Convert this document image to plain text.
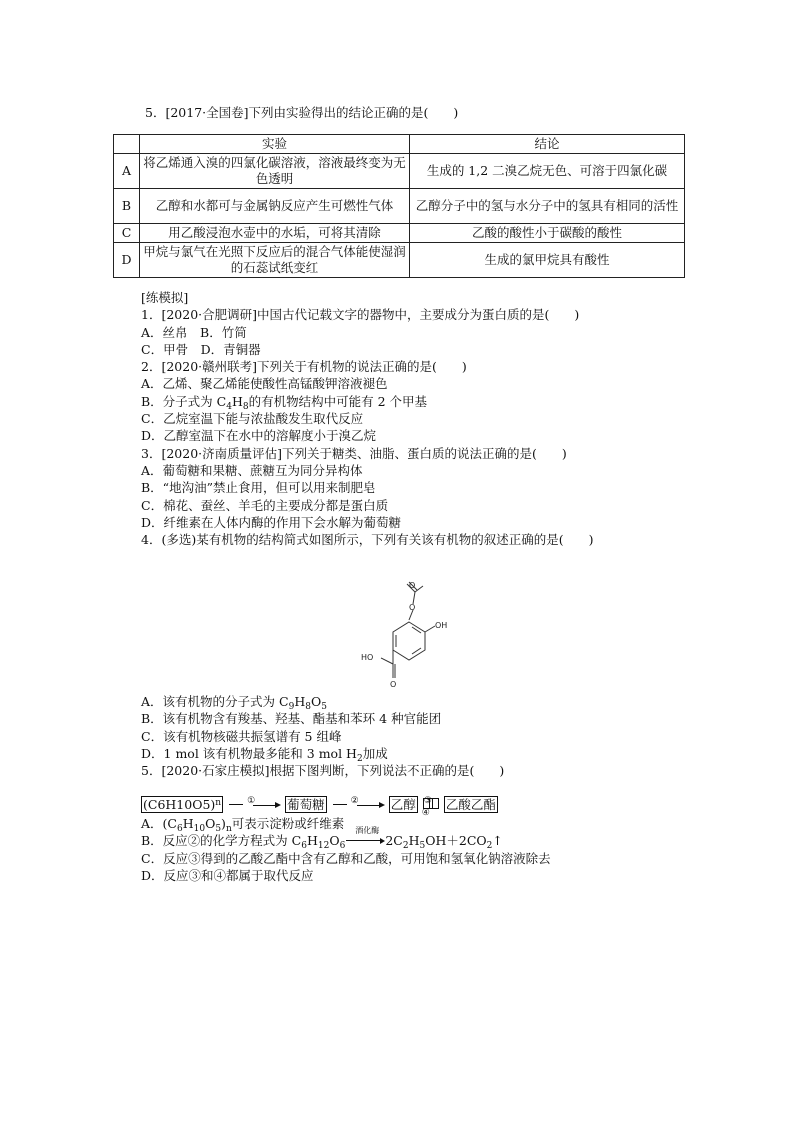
5．[2017·全国卷]下列由实验得出的结论正确的是(　　)
	实验	结论
A	将乙烯通入溴的四氯化碳溶液，溶液最终变为无色透明	生成的 1,2 二溴乙烷无色、可溶于四氯化碳
B	乙醇和水都可与金属钠反应产生可燃性气体	乙醇分子中的氢与水分子中的氢具有相同的活性
C	用乙酸浸泡水壶中的水垢，可将其清除	乙酸的酸性小于碳酸的酸性
D	甲烷与氯气在光照下反应后的混合气体能使湿润的石蕊试纸变红	生成的氯甲烷具有酸性
[练模拟]
1．[2020·合肥调研]中国古代记载文字的器物中，主要成分为蛋白质的是(　　)
A．丝帛　B．竹简
C．甲骨　D．青铜器
2．[2020·赣州联考]下列关于有机物的说法正确的是(　　)
A．乙烯、聚乙烯能使酸性高锰酸钾溶液褪色
B．分子式为 $C_4H_8$的有机物结构中可能有 2 个甲基
C．乙烷室温下能与浓盐酸发生取代反应
D．乙醇室温下在水中的溶解度小于溴乙烷
3．[2020·济南质量评估]下列关于糖类、油脂、蛋白质的说法正确的是(　　)
A．葡萄糖和果糖、蔗糖互为同分异构体
B．“地沟油”禁止食用，但可以用来制肥皂
C．棉花、蚕丝、羊毛的主要成分都是蛋白质
D．纤维素在人体内酶的作用下会水解为葡萄糖
4．(多选)某有机物的结构简式如图所示，下列有关该有机物的叙述正确的是(　　)
O
O
OH
HO
O
A．该有机物的分子式为 $C_9H_8O_5$
B．该有机物含有羧基、羟基、酯基和苯环 4 种官能团
C．该有机物核磁共振氢谱有 5 组峰
D．1 mol 该有机物最多能和 3 mol $H_2$加成
5．[2020·石家庄模拟]根据下图判断，下列说法不正确的是(　　)
$(C6H10O5)^n$	①	葡萄糖	②	乙醇 ③④ 乙酸乙酯
A．$(C_6H_{10}O_5)_n$可表示淀粉或纤维素
B．反应②的化学方程式为 $C_6H_{12}O_6$
酒化酶
$2C_2H_5OH+2CO_2↑$
C．反应③得到的乙酸乙酯中含有乙醇和乙酸，可用饱和氢氧化钠溶液除去
D．反应③和④都属于取代反应
